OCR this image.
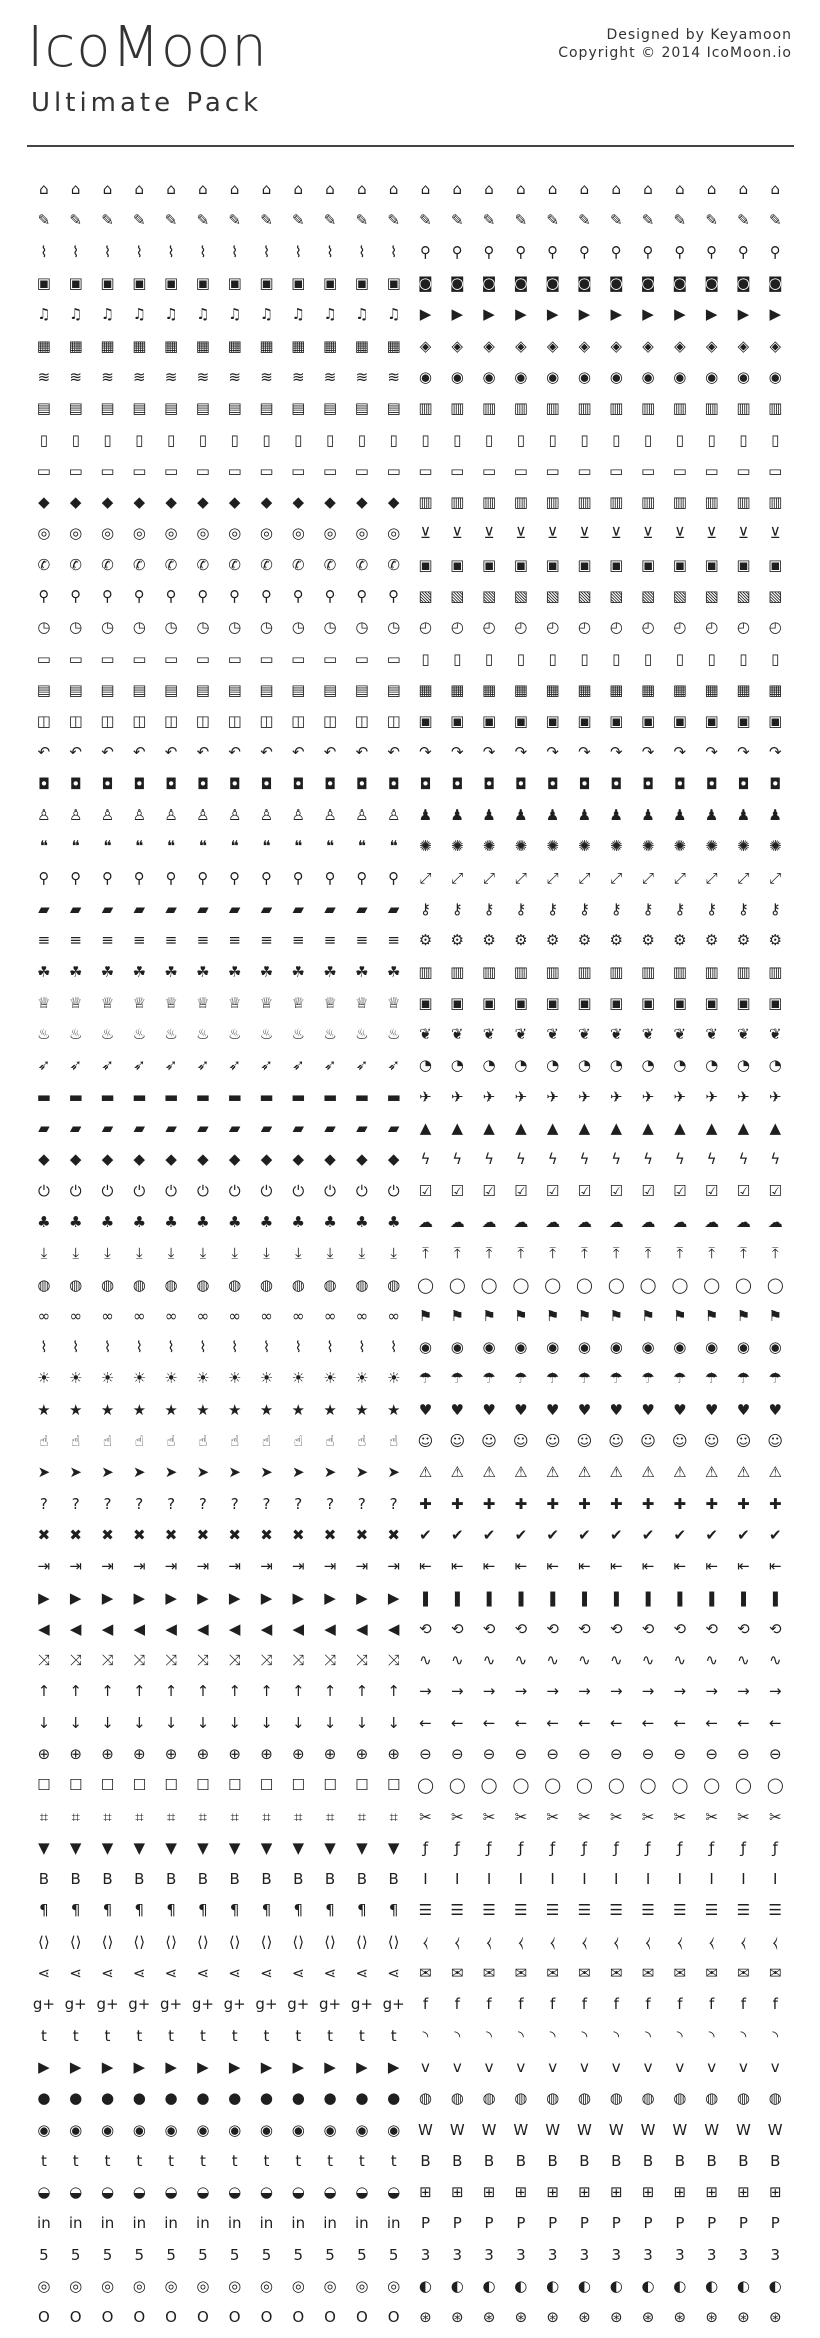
IcoMoon
Ultimate Pack
Designed by Keyamoon
Copyright © 2014 IcoMoon.io
⌂	⌂	⌂	⌂	⌂	⌂	⌂	⌂	⌂	⌂	⌂	⌂	⌂	⌂	⌂	⌂	⌂	⌂	⌂	⌂	⌂	⌂	⌂	⌂
✎	✎	✎	✎	✎	✎	✎	✎	✎	✎	✎	✎	✎	✎	✎	✎	✎	✎	✎	✎	✎	✎	✎	✎
⌇	⌇	⌇	⌇	⌇	⌇	⌇	⌇	⌇	⌇	⌇	⌇	⚲	⚲	⚲	⚲	⚲	⚲	⚲	⚲	⚲	⚲	⚲	⚲
▣	▣	▣	▣	▣	▣	▣	▣	▣	▣	▣	▣	◙	◙	◙	◙	◙	◙	◙	◙	◙	◙	◙	◙
♫	♫	♫	♫	♫	♫	♫	♫	♫	♫	♫	♫	▶	▶	▶	▶	▶	▶	▶	▶	▶	▶	▶	▶
▦	▦	▦	▦	▦	▦	▦	▦	▦	▦	▦	▦	◈	◈	◈	◈	◈	◈	◈	◈	◈	◈	◈	◈
≋	≋	≋	≋	≋	≋	≋	≋	≋	≋	≋	≋	◉	◉	◉	◉	◉	◉	◉	◉	◉	◉	◉	◉
▤	▤	▤	▤	▤	▤	▤	▤	▤	▤	▤	▤	▥	▥	▥	▥	▥	▥	▥	▥	▥	▥	▥	▥
▯	▯	▯	▯	▯	▯	▯	▯	▯	▯	▯	▯	▯	▯	▯	▯	▯	▯	▯	▯	▯	▯	▯	▯
▭	▭	▭	▭	▭	▭	▭	▭	▭	▭	▭	▭	▭	▭	▭	▭	▭	▭	▭	▭	▭	▭	▭	▭
◆	◆	◆	◆	◆	◆	◆	◆	◆	◆	◆	◆	▥	▥	▥	▥	▥	▥	▥	▥	▥	▥	▥	▥
◎	◎	◎	◎	◎	◎	◎	◎	◎	◎	◎	◎	⊻	⊻	⊻	⊻	⊻	⊻	⊻	⊻	⊻	⊻	⊻	⊻
✆	✆	✆	✆	✆	✆	✆	✆	✆	✆	✆	✆	▣	▣	▣	▣	▣	▣	▣	▣	▣	▣	▣	▣
⚲	⚲	⚲	⚲	⚲	⚲	⚲	⚲	⚲	⚲	⚲	⚲	▧	▧	▧	▧	▧	▧	▧	▧	▧	▧	▧	▧
◷	◷	◷	◷	◷	◷	◷	◷	◷	◷	◷	◷	◴	◴	◴	◴	◴	◴	◴	◴	◴	◴	◴	◴
▭	▭	▭	▭	▭	▭	▭	▭	▭	▭	▭	▭	▯	▯	▯	▯	▯	▯	▯	▯	▯	▯	▯	▯
▤	▤	▤	▤	▤	▤	▤	▤	▤	▤	▤	▤	▦	▦	▦	▦	▦	▦	▦	▦	▦	▦	▦	▦
◫	◫	◫	◫	◫	◫	◫	◫	◫	◫	◫	◫	▣	▣	▣	▣	▣	▣	▣	▣	▣	▣	▣	▣
↶	↶	↶	↶	↶	↶	↶	↶	↶	↶	↶	↶	↷	↷	↷	↷	↷	↷	↷	↷	↷	↷	↷	↷
◘	◘	◘	◘	◘	◘	◘	◘	◘	◘	◘	◘	◘	◘	◘	◘	◘	◘	◘	◘	◘	◘	◘	◘
♙	♙	♙	♙	♙	♙	♙	♙	♙	♙	♙	♙	♟	♟	♟	♟	♟	♟	♟	♟	♟	♟	♟	♟
❝	❝	❝	❝	❝	❝	❝	❝	❝	❝	❝	❝	✺	✺	✺	✺	✺	✺	✺	✺	✺	✺	✺	✺
⚲	⚲	⚲	⚲	⚲	⚲	⚲	⚲	⚲	⚲	⚲	⚲	⤢	⤢	⤢	⤢	⤢	⤢	⤢	⤢	⤢	⤢	⤢	⤢
▰	▰	▰	▰	▰	▰	▰	▰	▰	▰	▰	▰	⚷	⚷	⚷	⚷	⚷	⚷	⚷	⚷	⚷	⚷	⚷	⚷
≡	≡	≡	≡	≡	≡	≡	≡	≡	≡	≡	≡	⚙	⚙	⚙	⚙	⚙	⚙	⚙	⚙	⚙	⚙	⚙	⚙
☘	☘	☘	☘	☘	☘	☘	☘	☘	☘	☘	☘	▥	▥	▥	▥	▥	▥	▥	▥	▥	▥	▥	▥
♕	♕	♕	♕	♕	♕	♕	♕	♕	♕	♕	♕	▣	▣	▣	▣	▣	▣	▣	▣	▣	▣	▣	▣
♨	♨	♨	♨	♨	♨	♨	♨	♨	♨	♨	♨	❦	❦	❦	❦	❦	❦	❦	❦	❦	❦	❦	❦
➶	➶	➶	➶	➶	➶	➶	➶	➶	➶	➶	➶	◔	◔	◔	◔	◔	◔	◔	◔	◔	◔	◔	◔
▬	▬	▬	▬	▬	▬	▬	▬	▬	▬	▬	▬	✈	✈	✈	✈	✈	✈	✈	✈	✈	✈	✈	✈
▰	▰	▰	▰	▰	▰	▰	▰	▰	▰	▰	▰	▲	▲	▲	▲	▲	▲	▲	▲	▲	▲	▲	▲
◆	◆	◆	◆	◆	◆	◆	◆	◆	◆	◆	◆	ϟ	ϟ	ϟ	ϟ	ϟ	ϟ	ϟ	ϟ	ϟ	ϟ	ϟ	ϟ
⏻	⏻	⏻	⏻	⏻	⏻	⏻	⏻	⏻	⏻	⏻	⏻	☑	☑	☑	☑	☑	☑	☑	☑	☑	☑	☑	☑
♣	♣	♣	♣	♣	♣	♣	♣	♣	♣	♣	♣	☁	☁	☁	☁	☁	☁	☁	☁	☁	☁	☁	☁
⤓	⤓	⤓	⤓	⤓	⤓	⤓	⤓	⤓	⤓	⤓	⤓	⤒	⤒	⤒	⤒	⤒	⤒	⤒	⤒	⤒	⤒	⤒	⤒
◍	◍	◍	◍	◍	◍	◍	◍	◍	◍	◍	◍	◯	◯	◯	◯	◯	◯	◯	◯	◯	◯	◯	◯
∞	∞	∞	∞	∞	∞	∞	∞	∞	∞	∞	∞	⚑	⚑	⚑	⚑	⚑	⚑	⚑	⚑	⚑	⚑	⚑	⚑
⌇	⌇	⌇	⌇	⌇	⌇	⌇	⌇	⌇	⌇	⌇	⌇	◉	◉	◉	◉	◉	◉	◉	◉	◉	◉	◉	◉
☀	☀	☀	☀	☀	☀	☀	☀	☀	☀	☀	☀	☂	☂	☂	☂	☂	☂	☂	☂	☂	☂	☂	☂
★	★	★	★	★	★	★	★	★	★	★	★	♥	♥	♥	♥	♥	♥	♥	♥	♥	♥	♥	♥
☝	☝	☝	☝	☝	☝	☝	☝	☝	☝	☝	☝	☺	☺	☺	☺	☺	☺	☺	☺	☺	☺	☺	☺
➤	➤	➤	➤	➤	➤	➤	➤	➤	➤	➤	➤	⚠	⚠	⚠	⚠	⚠	⚠	⚠	⚠	⚠	⚠	⚠	⚠
?	?	?	?	?	?	?	?	?	?	?	?	✚	✚	✚	✚	✚	✚	✚	✚	✚	✚	✚	✚
✖	✖	✖	✖	✖	✖	✖	✖	✖	✖	✖	✖	✔	✔	✔	✔	✔	✔	✔	✔	✔	✔	✔	✔
⇥	⇥	⇥	⇥	⇥	⇥	⇥	⇥	⇥	⇥	⇥	⇥	⇤	⇤	⇤	⇤	⇤	⇤	⇤	⇤	⇤	⇤	⇤	⇤
▶	▶	▶	▶	▶	▶	▶	▶	▶	▶	▶	▶	❚	❚	❚	❚	❚	❚	❚	❚	❚	❚	❚	❚
◀	◀	◀	◀	◀	◀	◀	◀	◀	◀	◀	◀	⟲	⟲	⟲	⟲	⟲	⟲	⟲	⟲	⟲	⟲	⟲	⟲
⤨	⤨	⤨	⤨	⤨	⤨	⤨	⤨	⤨	⤨	⤨	⤨	∿	∿	∿	∿	∿	∿	∿	∿	∿	∿	∿	∿
↑	↑	↑	↑	↑	↑	↑	↑	↑	↑	↑	↑	→	→	→	→	→	→	→	→	→	→	→	→
↓	↓	↓	↓	↓	↓	↓	↓	↓	↓	↓	↓	←	←	←	←	←	←	←	←	←	←	←	←
⊕	⊕	⊕	⊕	⊕	⊕	⊕	⊕	⊕	⊕	⊕	⊕	⊖	⊖	⊖	⊖	⊖	⊖	⊖	⊖	⊖	⊖	⊖	⊖
☐	☐	☐	☐	☐	☐	☐	☐	☐	☐	☐	☐	◯	◯	◯	◯	◯	◯	◯	◯	◯	◯	◯	◯
⌗	⌗	⌗	⌗	⌗	⌗	⌗	⌗	⌗	⌗	⌗	⌗	✂	✂	✂	✂	✂	✂	✂	✂	✂	✂	✂	✂
▼	▼	▼	▼	▼	▼	▼	▼	▼	▼	▼	▼	ƒ	ƒ	ƒ	ƒ	ƒ	ƒ	ƒ	ƒ	ƒ	ƒ	ƒ	ƒ
B	B	B	B	B	B	B	B	B	B	B	B	I	I	I	I	I	I	I	I	I	I	I	I
¶	¶	¶	¶	¶	¶	¶	¶	¶	¶	¶	¶	☰	☰	☰	☰	☰	☰	☰	☰	☰	☰	☰	☰
⟨⟩	⟨⟩	⟨⟩	⟨⟩	⟨⟩	⟨⟩	⟨⟩	⟨⟩	⟨⟩	⟨⟩	⟨⟩	⟨⟩	⧼	⧼	⧼	⧼	⧼	⧼	⧼	⧼	⧼	⧼	⧼	⧼
⋖	⋖	⋖	⋖	⋖	⋖	⋖	⋖	⋖	⋖	⋖	⋖	✉	✉	✉	✉	✉	✉	✉	✉	✉	✉	✉	✉
g+ g+ g+ g+ g+ g+ g+ g+ g+ g+ g+ g+	f	f	f	f	f	f	f	f	f	f	f	f
t	t	t	t	t	t	t	t	t	t	t	t	◝	◝	◝	◝	◝	◝	◝	◝	◝	◝	◝	◝
▶	▶	▶	▶	▶	▶	▶	▶	▶	▶	▶	▶	v	v	v	v	v	v	v	v	v	v	v	v
●	●	●	●	●	●	●	●	●	●	●	●	◍	◍	◍	◍	◍	◍	◍	◍	◍	◍	◍	◍
◉	◉	◉	◉	◉	◉	◉	◉	◉	◉	◉	◉	W	W	W	W	W	W	W	W	W	W	W	W
t	t	t	t	t	t	t	t	t	t	t	t	B	B	B	B	B	B	B	B	B	B	B	B
◒	◒	◒	◒	◒	◒	◒	◒	◒	◒	◒	◒	⊞	⊞	⊞	⊞	⊞	⊞	⊞	⊞	⊞	⊞	⊞	⊞
in	in	in	in	in	in	in	in	in	in	in	in	P	P	P	P	P	P	P	P	P	P	P	P
5	5	5	5	5	5	5	5	5	5	5	5	3	3	3	3	3	3	3	3	3	3	3	3
◎	◎	◎	◎	◎	◎	◎	◎	◎	◎	◎	◎	◐	◐	◐	◐	◐	◐	◐	◐	◐	◐	◐	◐
O	O	O	O	O	O	O	O	O	O	O	O	⊛	⊛	⊛	⊛	⊛	⊛	⊛	⊛	⊛	⊛	⊛	⊛
